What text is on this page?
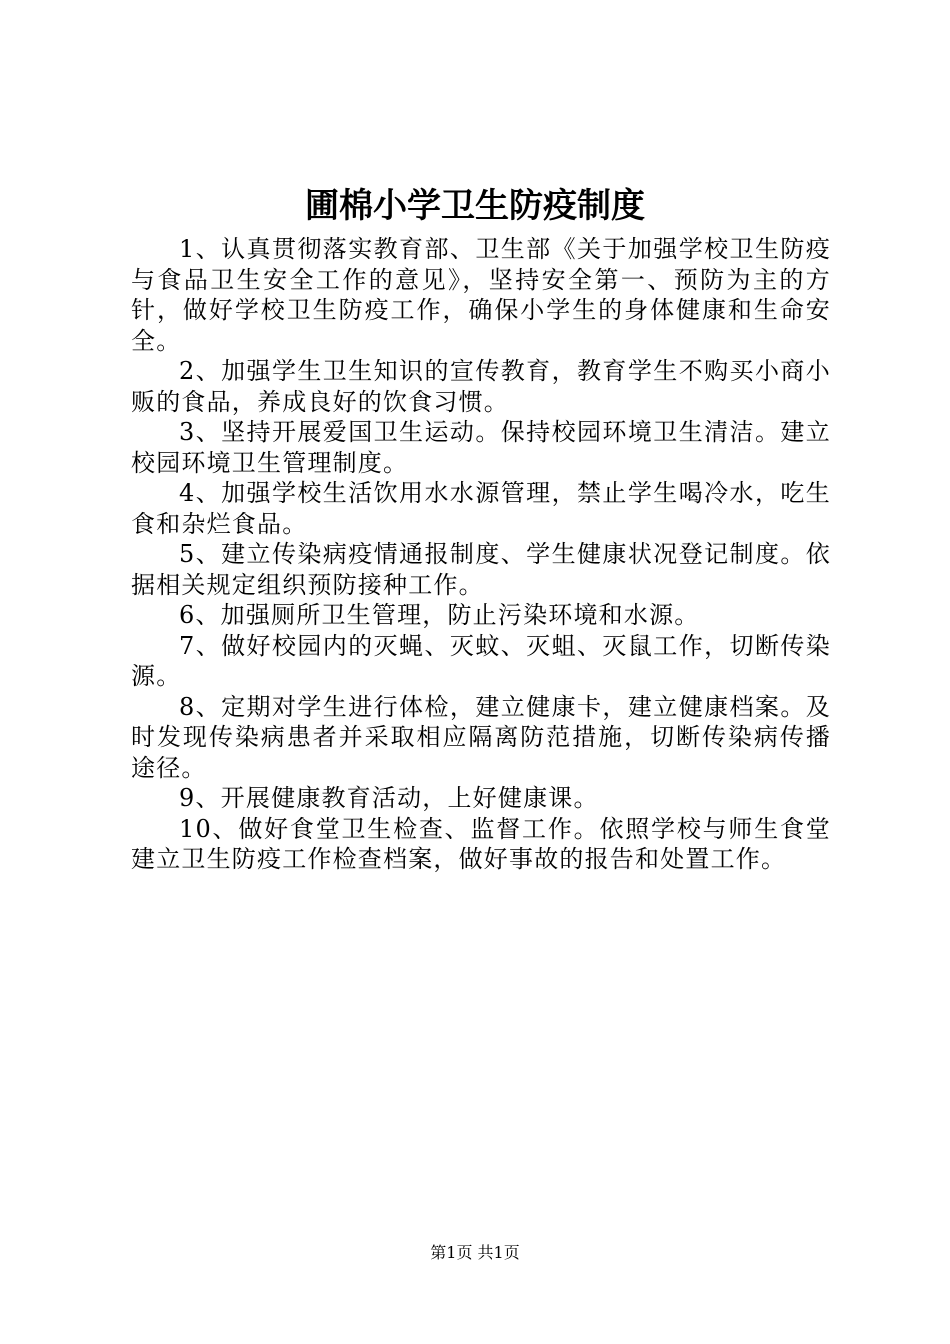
圃棉小学卫生防疫制度

1、认真贯彻落实教育部、卫生部《关于加强学校卫生防疫与食品卫生安全工作的意见》，坚持安全第一、预防为主的方针，做好学校卫生防疫工作，确保小学生的身体健康和生命安全。

2、加强学生卫生知识的宣传教育，教育学生不购买小商小贩的食品，养成良好的饮食习惯。

3、坚持开展爱国卫生运动。保持校园环境卫生清洁。建立校园环境卫生管理制度。

4、加强学校生活饮用水水源管理，禁止学生喝冷水，吃生食和杂烂食品。

5、建立传染病疫情通报制度、学生健康状况登记制度。依据相关规定组织预防接种工作。

6、加强厕所卫生管理，防止污染环境和水源。

7、做好校园内的灭蝇、灭蚊、灭蛆、灭鼠工作，切断传染源。

8、定期对学生进行体检，建立健康卡，建立健康档案。及时发现传染病患者并采取相应隔离防范措施，切断传染病传播途径。

9、开展健康教育活动，上好健康课。

10、做好食堂卫生检查、监督工作。依照学校与师生食堂建立卫生防疫工作检查档案，做好事故的报告和处置工作。

第1页 共1页
